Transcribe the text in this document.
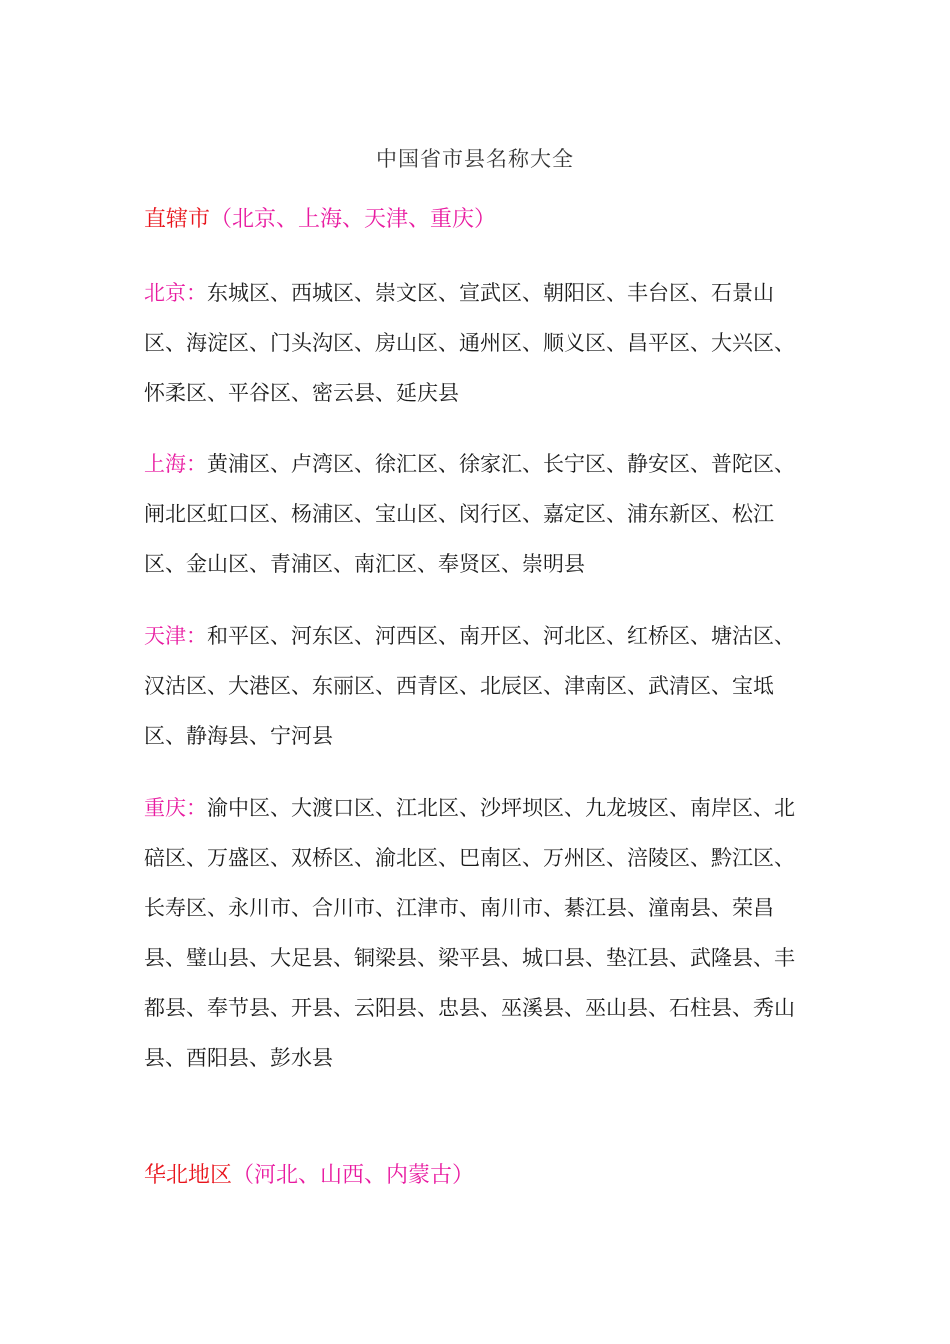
中国省市县名称大全

直辖市（北京、上海、天津、重庆）

北京：东城区、西城区、崇文区、宣武区、朝阳区、丰台区、石景山区、海淀区、门头沟区、房山区、通州区、顺义区、昌平区、大兴区、怀柔区、平谷区、密云县、延庆县

上海：黄浦区、卢湾区、徐汇区、徐家汇、长宁区、静安区、普陀区、闸北区虹口区、杨浦区、宝山区、闵行区、嘉定区、浦东新区、松江区、金山区、青浦区、南汇区、奉贤区、崇明县

天津：和平区、河东区、河西区、南开区、河北区、红桥区、塘沽区、汉沽区、大港区、东丽区、西青区、北辰区、津南区、武清区、宝坻区、静海县、宁河县

重庆：渝中区、大渡口区、江北区、沙坪坝区、九龙坡区、南岸区、北碚区、万盛区、双桥区、渝北区、巴南区、万州区、涪陵区、黔江区、长寿区、永川市、合川市、江津市、南川市、綦江县、潼南县、荣昌县、璧山县、大足县、铜梁县、梁平县、城口县、垫江县、武隆县、丰都县、奉节县、开县、云阳县、忠县、巫溪县、巫山县、石柱县、秀山县、酉阳县、彭水县

华北地区（河北、山西、内蒙古）
